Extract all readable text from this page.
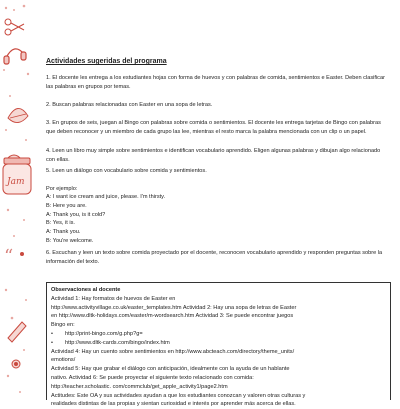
Jam
“
Actividades sugeridas del programa
1. El docente les entrega a los estudiantes hojas con forma de huevos y con palabras de comida, sentimientos e Easter. Deben clasificar las palabras en grupos por temas.
2. Buscan palabras relacionadas con Easter en una sopa de letras.
3. En grupos de seis, juegan al Bingo con palabras sobre comida o sentimientos. El docente les entrega tarjetas de Bingo con palabras que deben reconocer y un miembro de cada grupo las lee, mientras el resto marca la palabra mencionada con un clip o un papel.
4. Leen un libro muy simple sobre sentimientos e identifican vocabulario aprendido. Eligen algunas palabras y dibujan algo relacionado con ellas.
5. Leen un diálogo con vocabulario sobre comida y sentimientos.
Por ejemplo:
A: I want ice cream and juice, please. I'm thirsty.
B: Here you are.
A: Thank you, is it cold?
B: Yes, it is.
A: Thank you.
B: You're welcome.
6. Escuchan y leen un texto sobre comida proyectado por el docente, reconocen vocabulario aprendido y responden preguntas sobre la información del texto.
Observaciones al docente
Actividad 1: Hay formatos de huevos de Easter en
http://www.activityvillage.co.uk/easter_templates.htm Actividad 2: Hay una sopa de letras de Easter
en http://www.dltk-holidays.com/easter/m-wordsearch.htm Actividad 3: Se puede encontrar juegos
Bingo en:
• http://print-bingo.com/g.php?g=
• http://www.dltk-cards.com/bingo/index.htm
Actividad 4: Hay un cuento sobre sentimientos en http://www.abcteach.com/directory/theme_units/
emotions/
Actividad 5: Hay que grabar el diálogo con anticipación, idealmente con la ayuda de un hablante
nativo. Actividad 6: Se puede proyectar el siguiente texto relacionado con comida:
http://teacher.scholastic. com/commclub/get_apple_activity1/page2.htm
Actitudes: Este OA y sus actividades ayudan a que los estudiantes conozcan y valoren otras culturas y
realidades distintas de las propias y sientan curiosidad e interés por aprender más acerca de ellas.
